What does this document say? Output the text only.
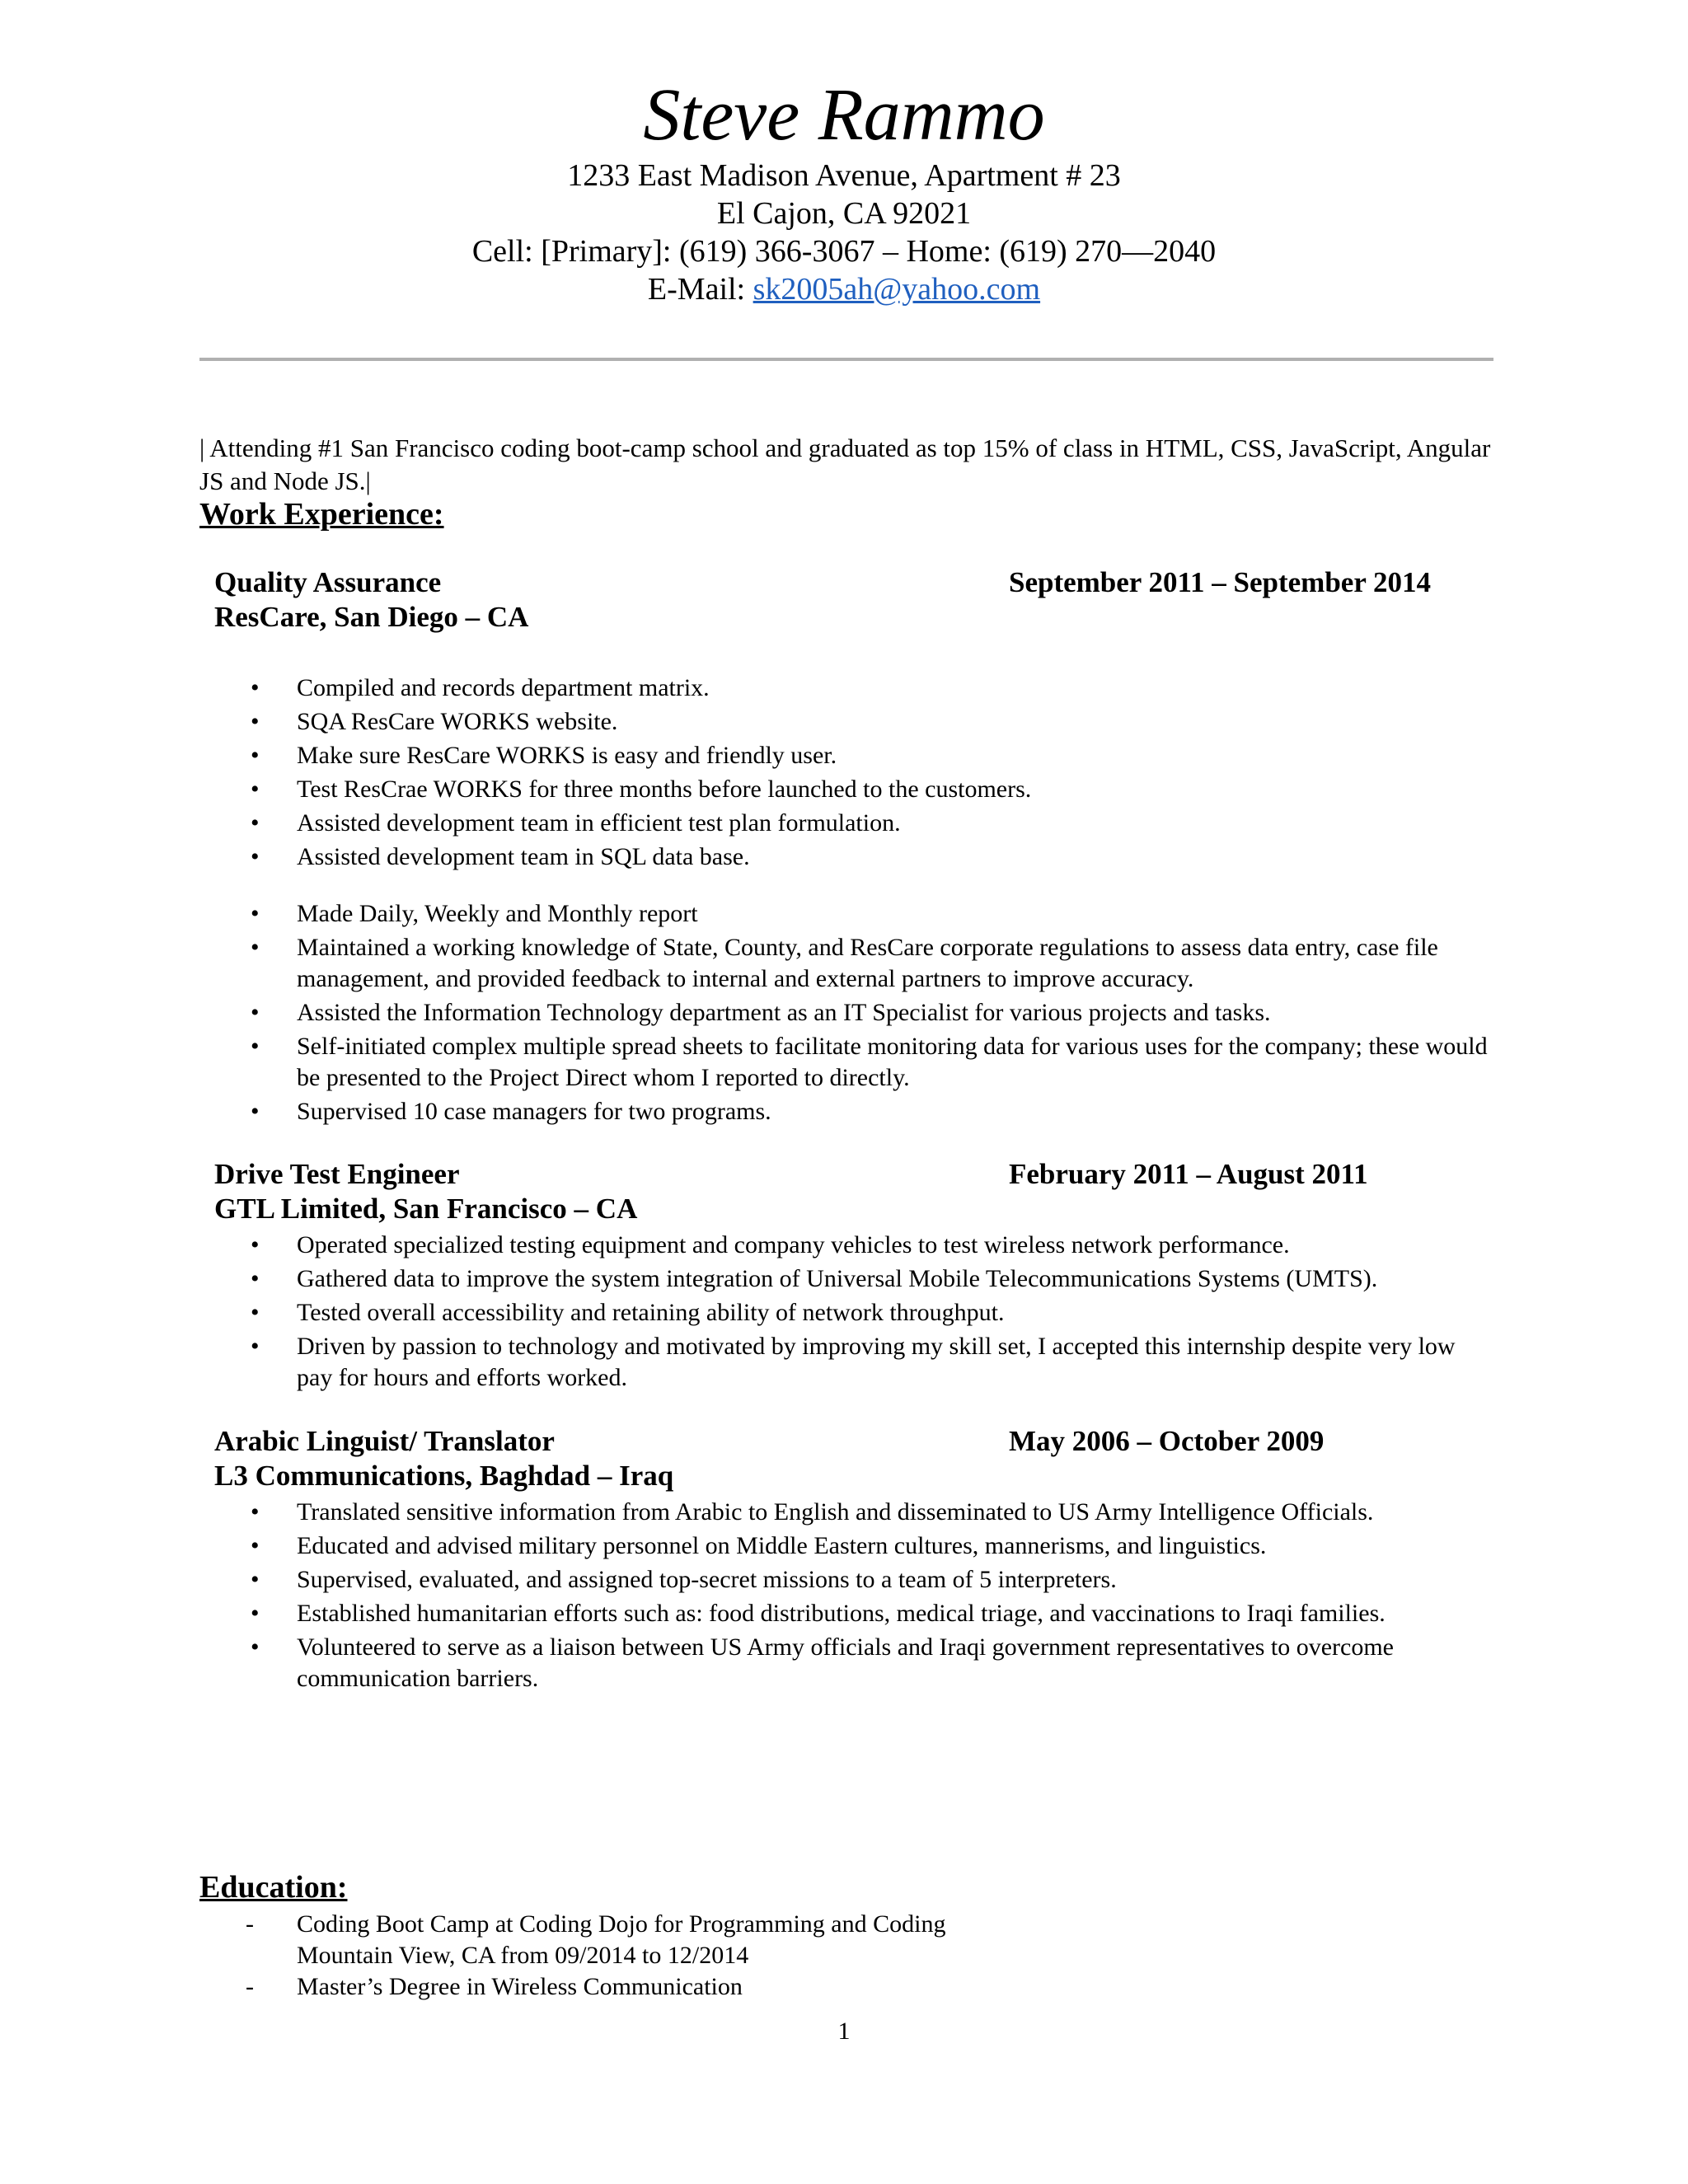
Steve Rammo
1233 East Madison Avenue, Apartment # 23
El Cajon, CA 92021
Cell: [Primary]: (619) 366-3067 – Home: (619) 270—2040
E-Mail: sk2005ah@yahoo.com
| Attending #1 San Francisco coding boot-camp school and graduated as top 15% of class in HTML, CSS, JavaScript, Angular JS and Node JS.|
Work Experience:
Quality Assurance	September 2011 – September 2014
ResCare, San Diego – CA
• Compiled and records department matrix.
• SQA ResCare WORKS website.
• Make sure ResCare WORKS is easy and friendly user.
• Test ResCrae WORKS for three months before launched to the customers.
• Assisted development team in efficient test plan formulation.
• Assisted development team in SQL data base.
• Made Daily, Weekly and Monthly report
• Maintained a working knowledge of State, County, and ResCare corporate regulations to assess data entry, case file management, and provided feedback to internal and external partners to improve accuracy.
• Assisted the Information Technology department as an IT Specialist for various projects and tasks.
• Self-initiated complex multiple spread sheets to facilitate monitoring data for various uses for the company; these would be presented to the Project Direct whom I reported to directly.
• Supervised 10 case managers for two programs.
Drive Test Engineer	February 2011 – August 2011
GTL Limited, San Francisco – CA
• Operated specialized testing equipment and company vehicles to test wireless network performance.
• Gathered data to improve the system integration of Universal Mobile Telecommunications Systems (UMTS).
• Tested overall accessibility and retaining ability of network throughput.
• Driven by passion to technology and motivated by improving my skill set, I accepted this internship despite very low pay for hours and efforts worked.
Arabic Linguist/ Translator	May 2006 – October 2009
L3 Communications, Baghdad – Iraq
• Translated sensitive information from Arabic to English and disseminated to US Army Intelligence Officials.
• Educated and advised military personnel on Middle Eastern cultures, mannerisms, and linguistics.
• Supervised, evaluated, and assigned top-secret missions to a team of 5 interpreters.
• Established humanitarian efforts such as: food distributions, medical triage, and vaccinations to Iraqi families.
• Volunteered to serve as a liaison between US Army officials and Iraqi government representatives to overcome communication barriers.
Education:
- Coding Boot Camp at Coding Dojo for Programming and Coding
Mountain View, CA from 09/2014 to 12/2014
- Master’s Degree in Wireless Communication
1
